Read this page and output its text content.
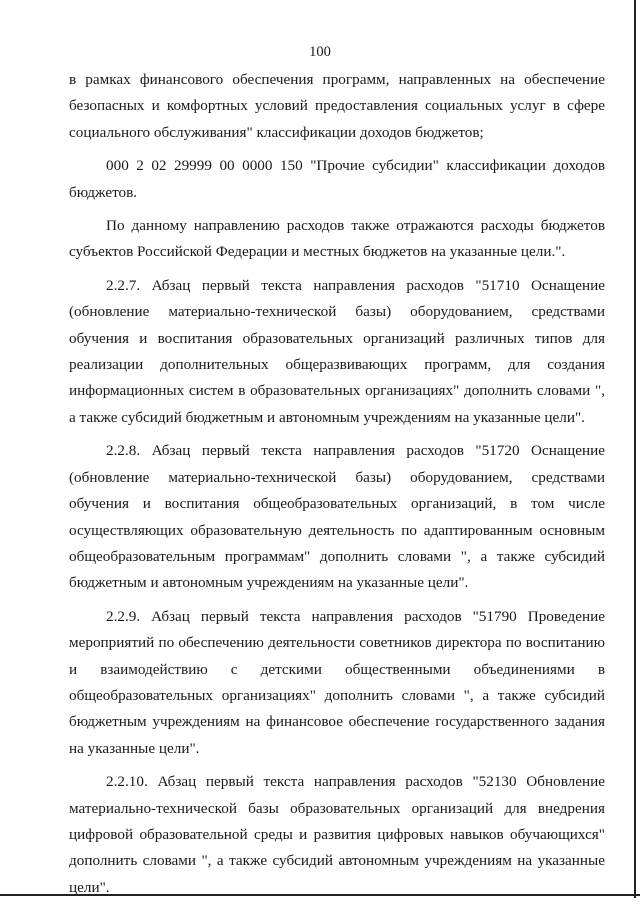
100

в рамках финансового обеспечения программ, направленных на обеспечение безопасных и комфортных условий предоставления социальных услуг в сфере социального обслуживания" классификации доходов бюджетов;

000 2 02 29999 00 0000 150 "Прочие субсидии" классификации доходов бюджетов.

По данному направлению расходов также отражаются расходы бюджетов субъектов Российской Федерации и местных бюджетов на указанные цели.".

2.2.7. Абзац первый текста направления расходов "51710 Оснащение (обновление материально-технической базы) оборудованием, средствами обучения и воспитания образовательных организаций различных типов для реализации дополнительных общеразвивающих программ, для создания информационных систем в образовательных организациях" дополнить словами ", а также субсидий бюджетным и автономным учреждениям на указанные цели".

2.2.8. Абзац первый текста направления расходов "51720 Оснащение (обновление материально-технической базы) оборудованием, средствами обучения и воспитания общеобразовательных организаций, в том числе осуществляющих образовательную деятельность по адаптированным основным общеобразовательным программам" дополнить словами ", а также субсидий бюджетным и автономным учреждениям на указанные цели".

2.2.9. Абзац первый текста направления расходов "51790 Проведение мероприятий по обеспечению деятельности советников директора по воспитанию и взаимодействию с детскими общественными объединениями в общеобразовательных организациях" дополнить словами ", а также субсидий бюджетным учреждениям на финансовое обеспечение государственного задания на указанные цели".

2.2.10. Абзац первый текста направления расходов "52130 Обновление материально-технической базы образовательных организаций для внедрения цифровой образовательной среды и развития цифровых навыков обучающихся" дополнить словами ", а также субсидий автономным учреждениям на указанные цели".
